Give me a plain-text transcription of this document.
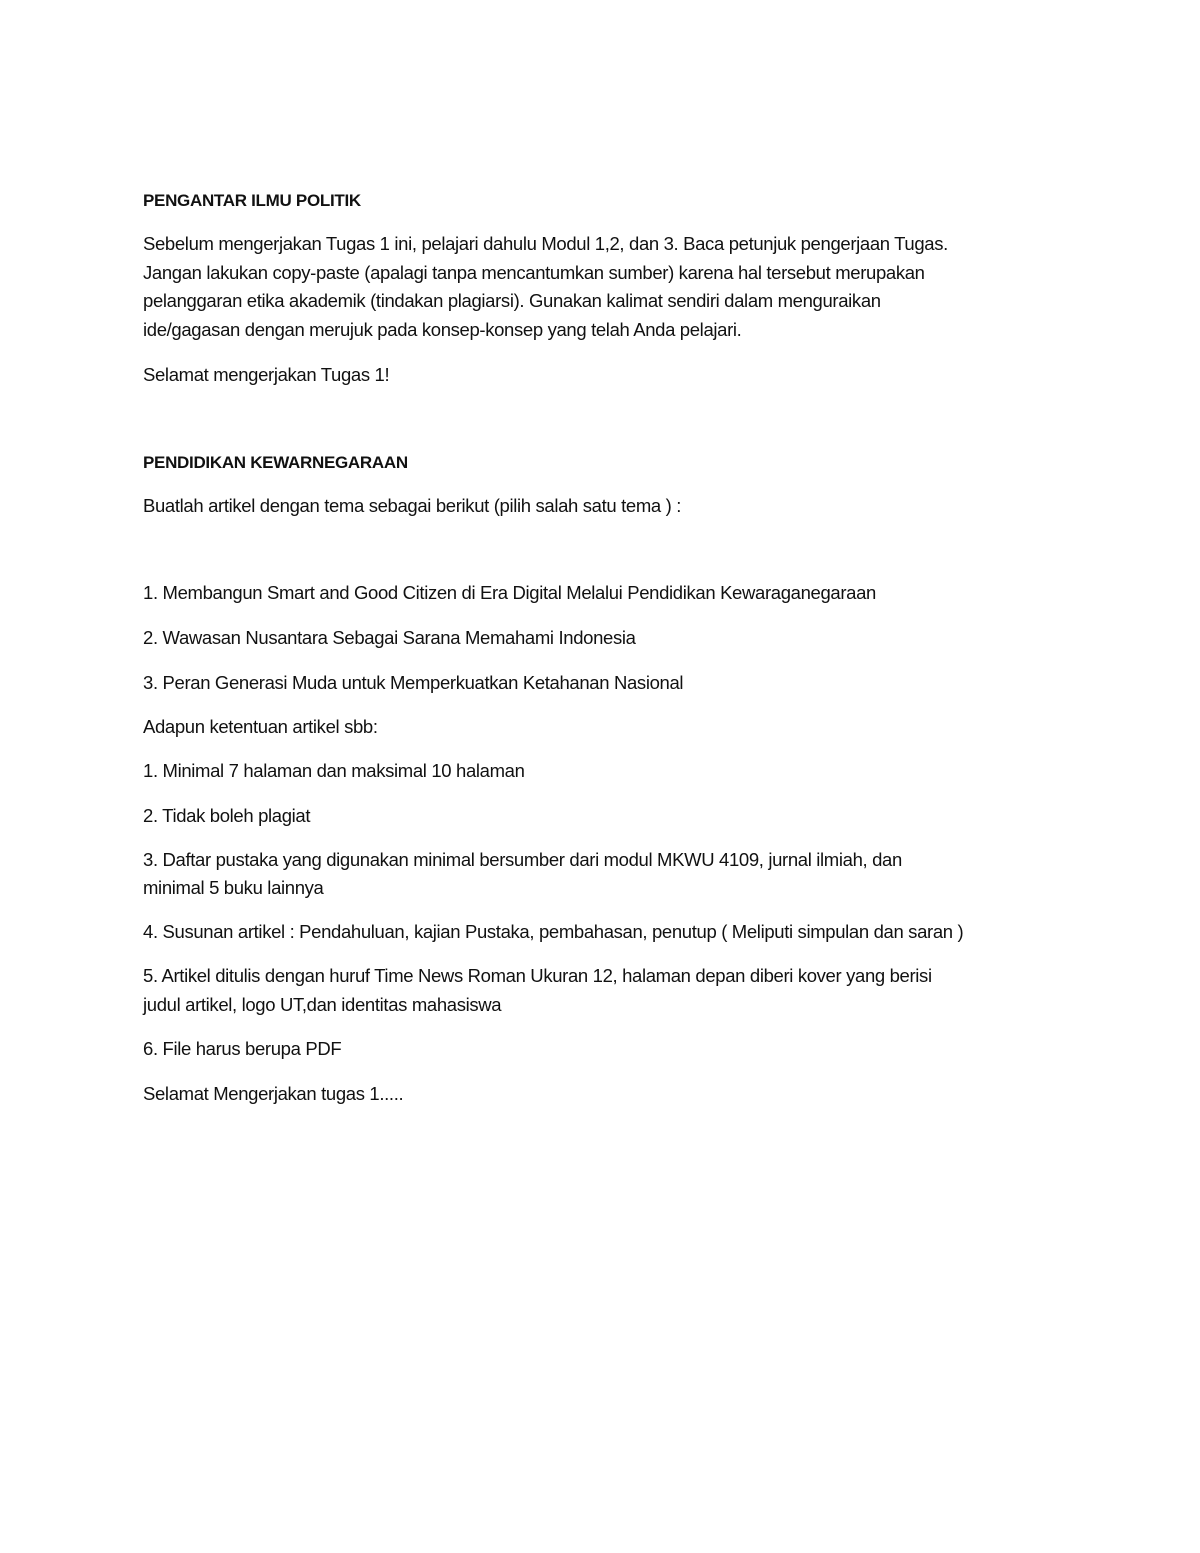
PENGANTAR ILMU POLITIK
Sebelum mengerjakan Tugas 1 ini, pelajari dahulu Modul 1,2, dan 3. Baca petunjuk pengerjaan Tugas.
Jangan lakukan copy-paste (apalagi tanpa mencantumkan sumber) karena hal tersebut merupakan
pelanggaran etika akademik (tindakan plagiarsi). Gunakan kalimat sendiri dalam menguraikan
ide/gagasan dengan merujuk pada konsep-konsep yang telah Anda pelajari.
Selamat mengerjakan Tugas 1!
PENDIDIKAN KEWARNEGARAAN
Buatlah artikel dengan tema sebagai berikut (pilih salah satu tema ) :
1. Membangun Smart and Good Citizen di Era Digital Melalui Pendidikan Kewaraganegaraan
2. Wawasan Nusantara Sebagai Sarana Memahami Indonesia
3. Peran Generasi Muda untuk Memperkuatkan Ketahanan Nasional
Adapun ketentuan artikel sbb:
1. Minimal 7 halaman dan maksimal 10 halaman
2. Tidak boleh plagiat
3. Daftar pustaka yang digunakan minimal bersumber dari modul MKWU 4109, jurnal ilmiah, dan
minimal 5 buku lainnya
4. Susunan artikel : Pendahuluan, kajian Pustaka, pembahasan, penutup ( Meliputi simpulan dan saran )
5. Artikel ditulis dengan huruf Time News Roman Ukuran 12, halaman depan diberi kover yang berisi
judul artikel, logo UT,dan identitas mahasiswa
6. File harus berupa PDF
Selamat Mengerjakan tugas 1.....
